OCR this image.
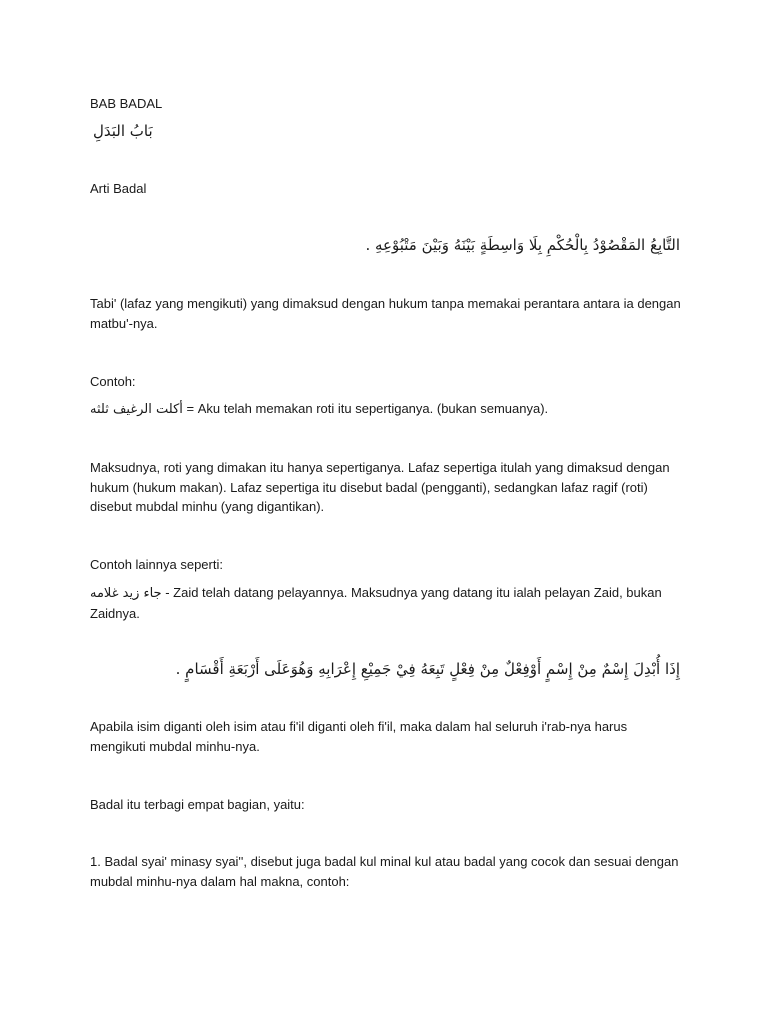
BAB BADAL

بَابُ البَدَلِ

Arti Badal

التَّابِعُ المَقْصُوْدُ بِالْحُكْمِ بِلَا وَاسِطَةٍ بَيْنَهُ وَبَيْنَ مَتْبُوْعِهِ .

Tabi' (lafaz yang mengikuti) yang dimaksud dengan hukum tanpa memakai perantara antara ia dengan matbu'-nya.

Contoh:

أكلت الرغيف ثلثه = Aku telah memakan roti itu sepertiganya. (bukan semuanya).

Maksudnya, roti yang dimakan itu hanya sepertiganya. Lafaz sepertiga itulah yang dimaksud dengan hukum (hukum makan). Lafaz sepertiga itu disebut badal (pengganti), sedangkan lafaz ragif (roti) disebut mubdal minhu (yang digantikan).

Contoh lainnya seperti:

جاء زيد غلامه - Zaid telah datang pelayannya. Maksudnya yang datang itu ialah pelayan Zaid, bukan Zaidnya.

إِذَا أُبْدِلَ إِسْمٌ مِنْ إِسْمٍ أَوْفِعْلٌ مِنْ فِعْلٍ تَبِعَهُ فِيْ جَمِيْعِ إِعْرَابِهِ وَهُوَعَلَى أَرْبَعَةِ أَقْسَامٍ .

Apabila isim diganti oleh isim atau fi'il diganti oleh fi'il, maka dalam hal seluruh i'rab-nya harus mengikuti mubdal minhu-nya.

Badal itu terbagi empat bagian, yaitu:

1. Badal syai' minasy syai'', disebut juga badal kul minal kul atau badal yang cocok dan sesuai dengan mubdal minhu-nya dalam hal makna, contoh:
